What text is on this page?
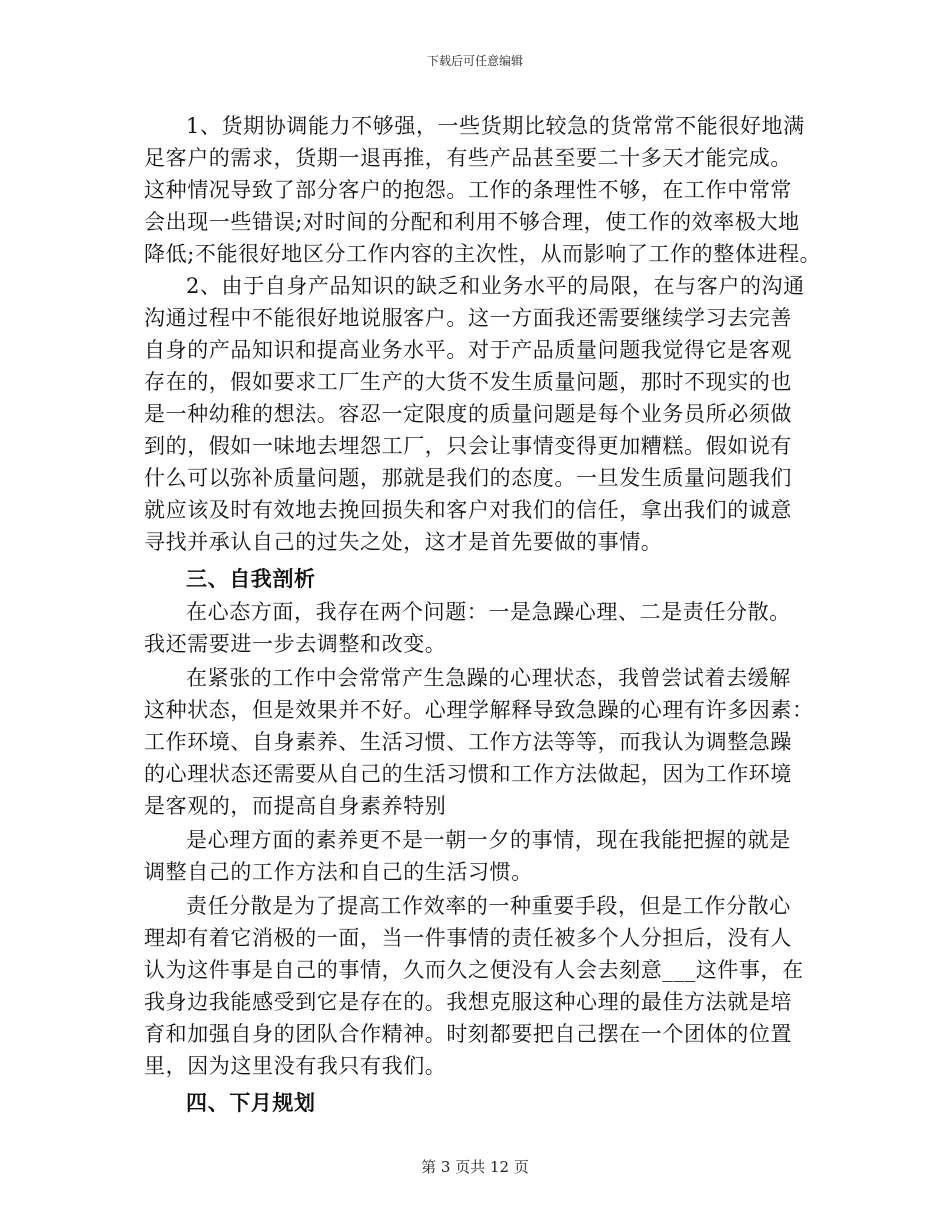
下载后可任意编辑
1、货期协调能力不够强，一些货期比较急的货常常不能很好地满
足客户的需求，货期一退再推，有些产品甚至要二十多天才能完成。
这种情况导致了部分客户的抱怨。工作的条理性不够，在工作中常常
会出现一些错误;对时间的分配和利用不够合理，使工作的效率极大地
降低;不能很好地区分工作内容的主次性，从而影响了工作的整体进程。
2、由于自身产品知识的缺乏和业务水平的局限，在与客户的沟通
沟通过程中不能很好地说服客户。这一方面我还需要继续学习去完善
自身的产品知识和提高业务水平。对于产品质量问题我觉得它是客观
存在的，假如要求工厂生产的大货不发生质量问题，那时不现实的也
是一种幼稚的想法。容忍一定限度的质量问题是每个业务员所必须做
到的，假如一味地去埋怨工厂，只会让事情变得更加糟糕。假如说有
什么可以弥补质量问题，那就是我们的态度。一旦发生质量问题我们
就应该及时有效地去挽回损失和客户对我们的信任，拿出我们的诚意
寻找并承认自己的过失之处，这才是首先要做的事情。
三、自我剖析
在心态方面，我存在两个问题：一是急躁心理、二是责任分散。
我还需要进一步去调整和改变。
在紧张的工作中会常常产生急躁的心理状态，我曾尝试着去缓解
这种状态，但是效果并不好。心理学解释导致急躁的心理有许多因素：
工作环境、自身素养、生活习惯、工作方法等等，而我认为调整急躁
的心理状态还需要从自己的生活习惯和工作方法做起，因为工作环境
是客观的，而提高自身素养特别
是心理方面的素养更不是一朝一夕的事情，现在我能把握的就是
调整自己的工作方法和自己的生活习惯。
责任分散是为了提高工作效率的一种重要手段，但是工作分散心
理却有着它消极的一面，当一件事情的责任被多个人分担后，没有人
认为这件事是自己的事情，久而久之便没有人会去刻意___这件事，在
我身边我能感受到它是存在的。我想克服这种心理的最佳方法就是培
育和加强自身的团队合作精神。时刻都要把自己摆在一个团体的位置
里，因为这里没有我只有我们。
四、下月规划
第 3 页共 12 页
